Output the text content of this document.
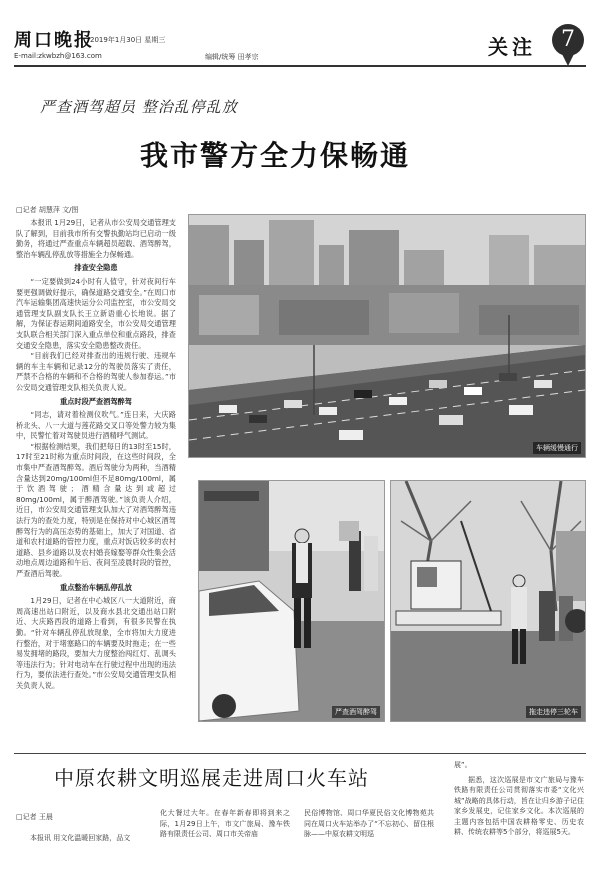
周口晚报
2019年1月30日 星期三
E-mail:zkwbzh@163.com	编辑/统筹 田孝宗	关注	7
严查酒驾超员 整治乱停乱放
我市警方全力保畅通
□记者 胡慧萍 文/图

本报讯 1月29日，记者从市公安局交通管理支队了解到，目前我市所有交警执勤站均已启动一级勤务，将通过严查重点车辆超员超载、酒驾醉驾，整治车辆乱停乱放等措施全力保畅通。

排查安全隐患

“一定要做到24小时有人值守，针对夜间行车要更强调做好提示，确保道路交通安全。”在周口市汽车运输集团高速快运分公司监控室，市公安局交通管理支队副支队长王立新语重心长地说。据了解，为保证春运期间道路安全，市公安局交通管理支队联合相关部门深入重点单位和重点路段，排查交通安全隐患，落实安全隐患整改责任。

“目前我们已经对排查出的违规行驶、违规车辆的车主车辆和记录12分的驾驶员落实了责任，严禁不合格的车辆和不合格的驾驶人参加春运。”市公安局交通管理支队相关负责人说。

重点时段严查酒驾醉驾

“同志，请对着检测仪吹气。”连日来，大庆路桥北头、八一大道与莲花路交叉口等处警力较为集中，民警忙着对驾驶员进行酒精呼气测试。

“根据检测结果，我们把每日的13时至15时，17时至21时称为重点时间段，在这些时间段，全市集中严查酒驾醉驾。酒后驾驶分为两种，当酒精含量达到20mg/100ml但不足80mg/100ml，属于饮酒驾驶；酒精含量达到或超过80mg/100ml，属于醉酒驾驶。”该负责人介绍，近日，市公安局交通管理支队加大了对酒驾醉驾违法行为的查处力度，特别是在保持对中心城区酒驾醉驾行为的高压态势的基础上，加大了对国道、省道和农村道路的管控力度，重点对饭店较多的农村道路、县乡道路以及农村婚丧嫁娶等群众性集会活动地点周边道路和午后、夜间至凌晨时段的管控，严查酒后驾驶。

重点整治车辆乱停乱放

1月29日，记者在中心城区八一大道附近，商周高速出站口附近，以及商水县北交通出站口附近、大庆路西段的道路上看到，有很多民警在执勤。“针对车辆乱停乱放现象，全市将加大力度进行整治，对于堵塞路口的车辆要及时拖走；在一些易发拥堵的路段，要加大力度整治闯红灯、乱调头等违法行为；针对电动车在行驶过程中出现的违法行为，要依法进行查处。”市公安局交通管理支队相关负责人说。

车辆缓慢通行
严查酒驾醉驾	拖走违停三轮车
中原农耕文明巡展走进周口火车站

□记者 王晨

本报讯 用文化温暖回家路，品文

化大餐过大年。在春年新春即将到来之际，1月29日上午，市文广旅局、豫车铁路有限责任公司、周口市关帝庙

民俗博物馆、周口华夏民俗文化博物苑共同在周口火车站举办了“不忘初心、留住根脉——中原农耕文明巡

展”。

据悉，这次巡展是市文广旅局与豫车铁路有限责任公司贯彻落实市委“文化兴城”战略的具体行动，旨在让归乡游子记住家乡发展史，记住家乡文化。本次巡展的主题内容包括中国农耕格零史、历史农耕、传统农耕等5个部分，将巡展5天。
